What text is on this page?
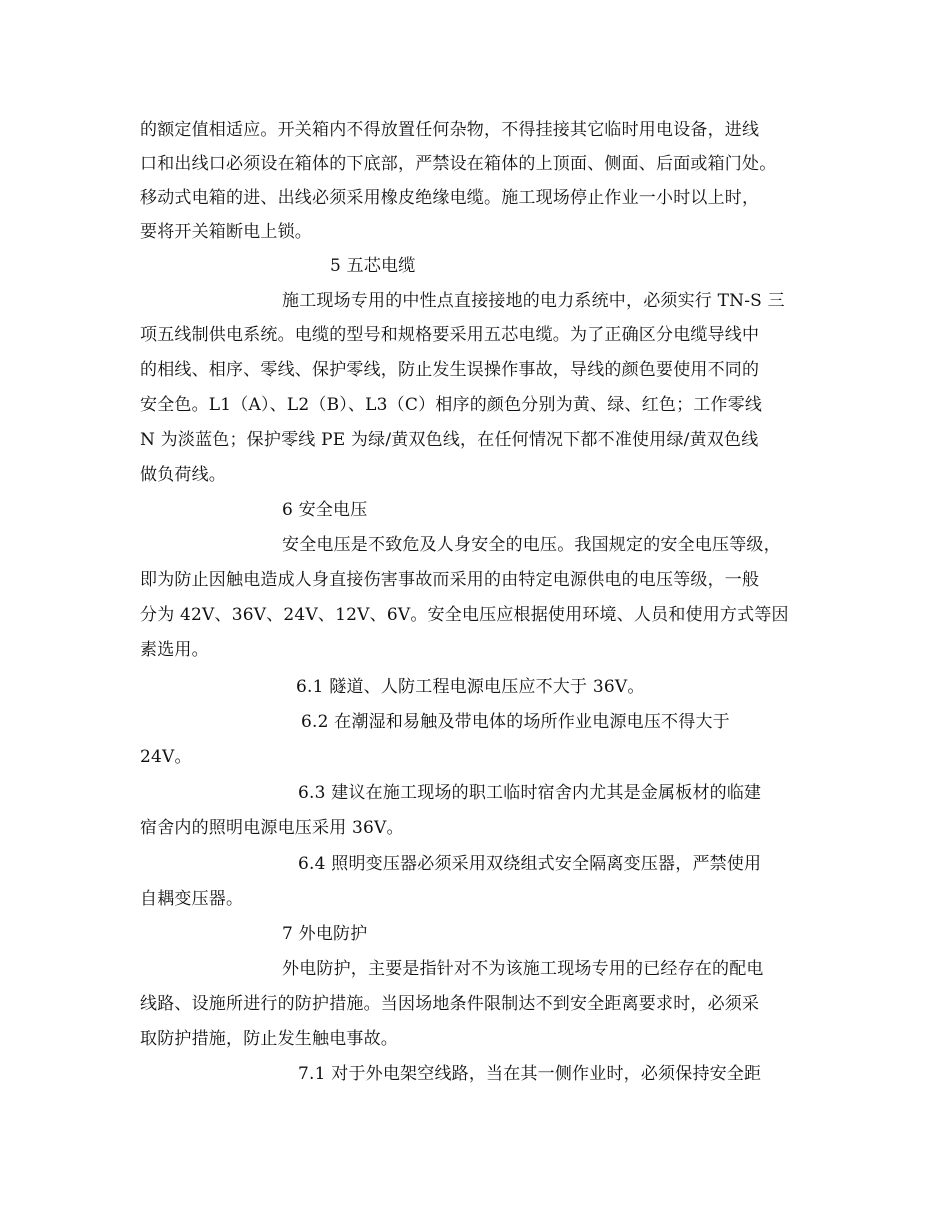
的额定值相适应。开关箱内不得放置任何杂物，不得挂接其它临时用电设备，进线
口和出线口必须设在箱体的下底部，严禁设在箱体的上顶面、侧面、后面或箱门处。
移动式电箱的进、出线必须采用橡皮绝缘电缆。施工现场停止作业一小时以上时，
要将开关箱断电上锁。
5 五芯电缆
施工现场专用的中性点直接接地的电力系统中，必须实行 TN-S 三
项五线制供电系统。电缆的型号和规格要采用五芯电缆。为了正确区分电缆导线中
的相线、相序、零线、保护零线，防止发生误操作事故，导线的颜色要使用不同的
安全色。L1（A）、L2（B）、L3（C）相序的颜色分别为黄、绿、红色；工作零线
N 为淡蓝色；保护零线 PE 为绿/黄双色线，在任何情况下都不准使用绿/黄双色线
做负荷线。
6 安全电压
安全电压是不致危及人身安全的电压。我国规定的安全电压等级，
即为防止因触电造成人身直接伤害事故而采用的由特定电源供电的电压等级，一般
分为 42V、36V、24V、12V、6V。安全电压应根据使用环境、人员和使用方式等因
素选用。
6.1 隧道、人防工程电源电压应不大于 36V。
6.2 在潮湿和易触及带电体的场所作业电源电压不得大于
24V。
6.3 建议在施工现场的职工临时宿舍内尤其是金属板材的临建
宿舍内的照明电源电压采用 36V。
6.4 照明变压器必须采用双绕组式安全隔离变压器，严禁使用
自耦变压器。
7 外电防护
外电防护，主要是指针对不为该施工现场专用的已经存在的配电
线路、设施所进行的防护措施。当因场地条件限制达不到安全距离要求时，必须采
取防护措施，防止发生触电事故。
7.1 对于外电架空线路，当在其一侧作业时，必须保持安全距
